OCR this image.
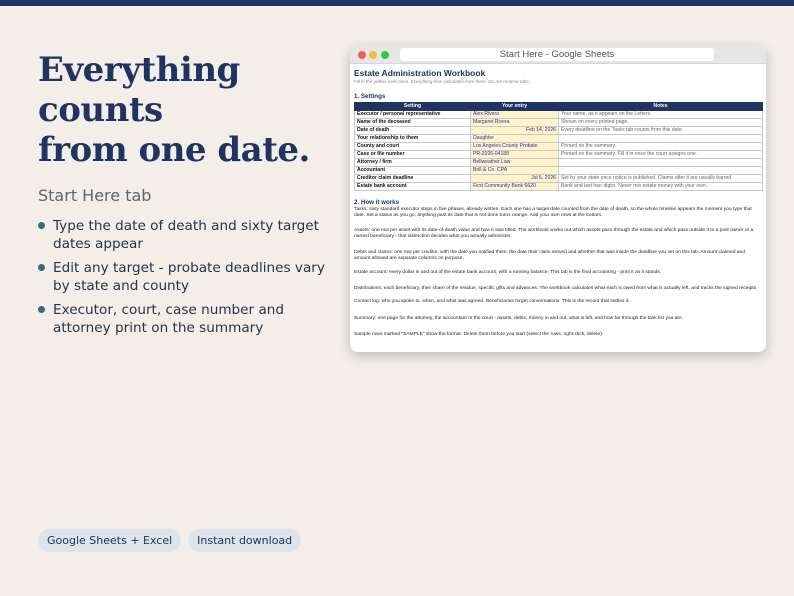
Everything counts
from one date.
Start Here tab
Type the date of death and sixty target dates appear
Edit any target - probate deadlines vary by state and county
Executor, court, case number and attorney print on the summary
Google Sheets + Excel	Instant download
Start Here - Google Sheets
Estate Administration Workbook
Fill in the yellow cells once. Everything else calculates from them. Do not rename tabs.
1. Settings
Setting	Your entry	Notes
Executor / personal representative	Alex Rivera	Your name, as it appears on the Letters.
Name of the deceased	Margaret Rivera	Shown on every printed page.
Date of death	Feb 14, 2026	Every deadline on the Tasks tab counts from this date.
Your relationship to them	Daughter	
County and court	Los Angeles County Probate	Printed on the summary.
Case or file number	PR-2026-04188	Printed on the summary. Fill it in once the court assigns one.
Attorney / firm	Bellweather Law	
Accountant	Brill & Co. CPA	
Creditor claim deadline	Jul 5, 2026	Set by your state once notice is published. Claims after it are usually barred.
Estate bank account	First Community Bank 6620	Bank and last four digits. Never mix estate money with your own.
2. How it works
Tasks: sixty standard executor steps in five phases, already written. Each one has a target date counted from the date of death, so the whole timeline appears the moment you type that date. Set a status as you go; anything past its date that is not done turns orange. Add your own rows at the bottom.
Assets: one row per asset with its date-of-death value and how it was titled. The workbook works out which assets pass through the estate and which pass outside it to a joint owner or a named beneficiary - that distinction decides what you actually administer.
Debts and claims: one row per creditor, with the date you notified them, the date their claim arrived and whether that was inside the deadline you set on this tab. Amount claimed and amount allowed are separate columns on purpose.
Estate account: every dollar in and out of the estate bank account, with a running balance. This tab is the final accounting - print it as it stands.
Distributions: each beneficiary, their share of the residue, specific gifts and advances. The workbook calculates what each is owed from what is actually left, and tracks the signed receipts.
Contact log: who you spoke to, when, and what was agreed. Beneficiaries forget conversations. This is the record that settles it.
Summary: one page for the attorney, the accountant or the court - assets, debts, money in and out, what is left, and how far through the task list you are.
Sample rows marked "SAMPLE" show the format. Delete them before you start (select the rows, right-click, delete).
